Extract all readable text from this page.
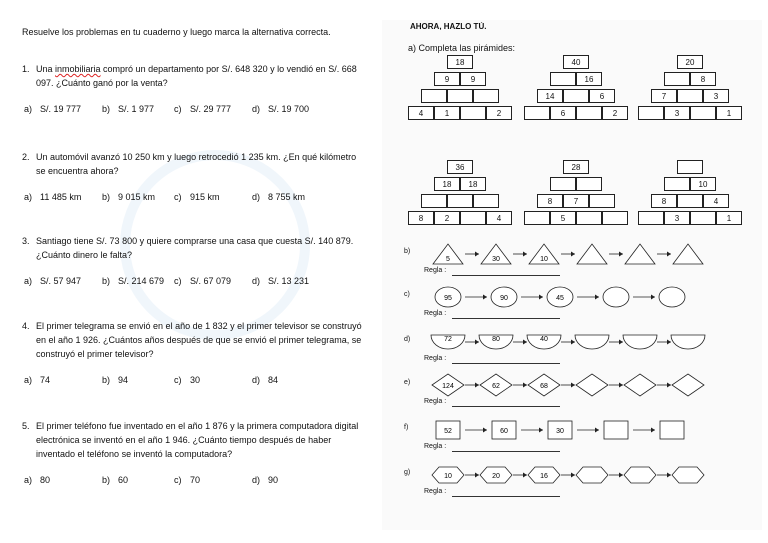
Resuelve los problemas en tu cuaderno y luego marca la alternativa correcta.
1. Una inmobiliaria compró un departamento por S/. 648 320 y lo vendió en S/. 668 097. ¿Cuánto ganó por la venta?
a) S/. 19 777 b) S/. 1 977 c) S/. 29 777 d) S/. 19 700
2. Un automóvil avanzó 10 250 km y luego retrocedió 1 235 km. ¿En qué kilómetro se encuentra ahora?
a) 11 485 km b) 9 015 km c) 915 km	d) 8 755 km
3. Santiago tiene S/. 73 800 y quiere comprarse una casa que cuesta S/. 140 879. ¿Cuánto dinero le falta?
a) S/. 57 947 b) S/. 214 679 c) S/. 67 079 d) S/. 13 231
4. El primer telegrama se envió en el año de 1 832 y el primer televisor se construyó en el año 1 926. ¿Cuántos años después de que se envió el primer telegrama, se construyó el primer televisor?
a) 74	b) 94	c) 30	d) 84
5. El primer teléfono fue inventado en el año 1 876 y la primera computadora digital electrónica se inventó en el año 1 946. ¿Cuánto tiempo después de haber inventado el teléfono se inventó la computadora?
a) 80	b) 60	c) 70	d) 90
AHORA, HAZLO TÚ.
a) Completa las pirámides:
18
9	9
4	1	2
40
16
14	6
6	2
20
8
7	3
3	1
36
18	18
8	2	4
28
8	7
5
10
8	4
3	1
b)
5	30	10
Regla :
c)
95	90	45
Regla :
d)	72	80	40
Regla :
e)
124	62	68
Regla :
f)
52	60	30
Regla :
g)
10	20	16
Regla :
